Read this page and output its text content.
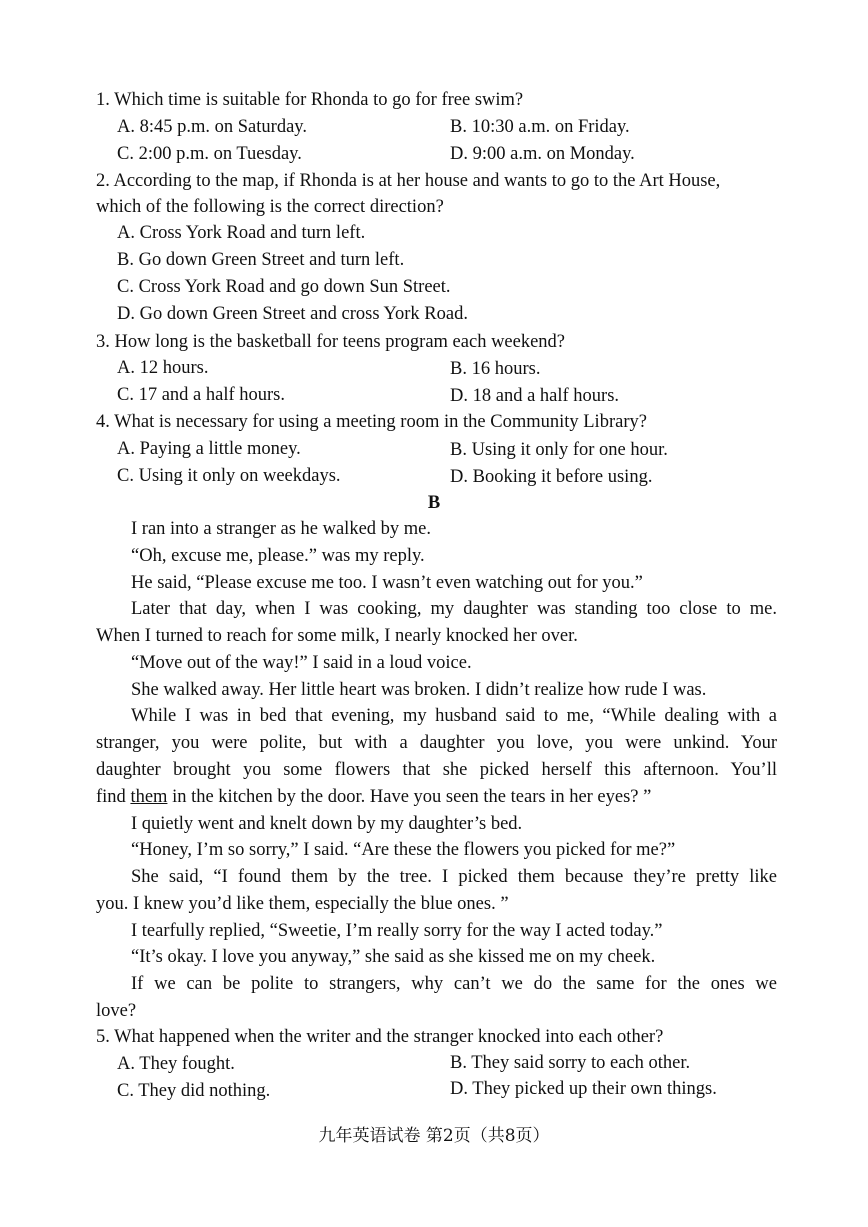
1. Which time is suitable for Rhonda to go for free swim?
A. 8:45 p.m. on Saturday.	B. 10:30 a.m. on Friday.
C. 2:00 p.m. on Tuesday.	D. 9:00 a.m. on Monday.
2. According to the map, if Rhonda is at her house and wants to go to the Art House,
which of the following is the correct direction?
A. Cross York Road and turn left.
B. Go down Green Street and turn left.
C. Cross York Road and go down Sun Street.
D. Go down Green Street and cross York Road.
3. How long is the basketball for teens program each weekend?
A. 12 hours.	B. 16 hours.
C. 17 and a half hours.	D. 18 and a half hours.
4. What is necessary for using a meeting room in the Community Library?
A. Paying a little money.	B. Using it only for one hour.
C. Using it only on weekdays.	D. Booking it before using.
B
I ran into a stranger as he walked by me.
“Oh, excuse me, please.” was my reply.
He said, “Please excuse me too. I wasn’t even watching out for you.”
Later that day, when I was cooking, my daughter was standing too close to me.
When I turned to reach for some milk, I nearly knocked her over.
“Move out of the way!” I said in a loud voice.
She walked away. Her little heart was broken. I didn’t realize how rude I was.
While I was in bed that evening, my husband said to me, “While dealing with a
stranger, you were polite, but with a daughter you love, you were unkind. Your
daughter brought you some flowers that she picked herself this afternoon. You’ll
find them in the kitchen by the door. Have you seen the tears in her eyes? ”
I quietly went and knelt down by my daughter’s bed.
“Honey, I’m so sorry,” I said. “Are these the flowers you picked for me?”
She said, “I found them by the tree. I picked them because they’re pretty like
you. I knew you’d like them, especially the blue ones. ”
I tearfully replied, “Sweetie, I’m really sorry for the way I acted today.”
“It’s okay. I love you anyway,” she said as she kissed me on my cheek.
If we can be polite to strangers, why can’t we do the same for the ones we
love?
5. What happened when the writer and the stranger knocked into each other?
A. They fought.	B. They said sorry to each other.
C. They did nothing.	D. They picked up their own things.
九年英语试卷 第2页（共8页）
